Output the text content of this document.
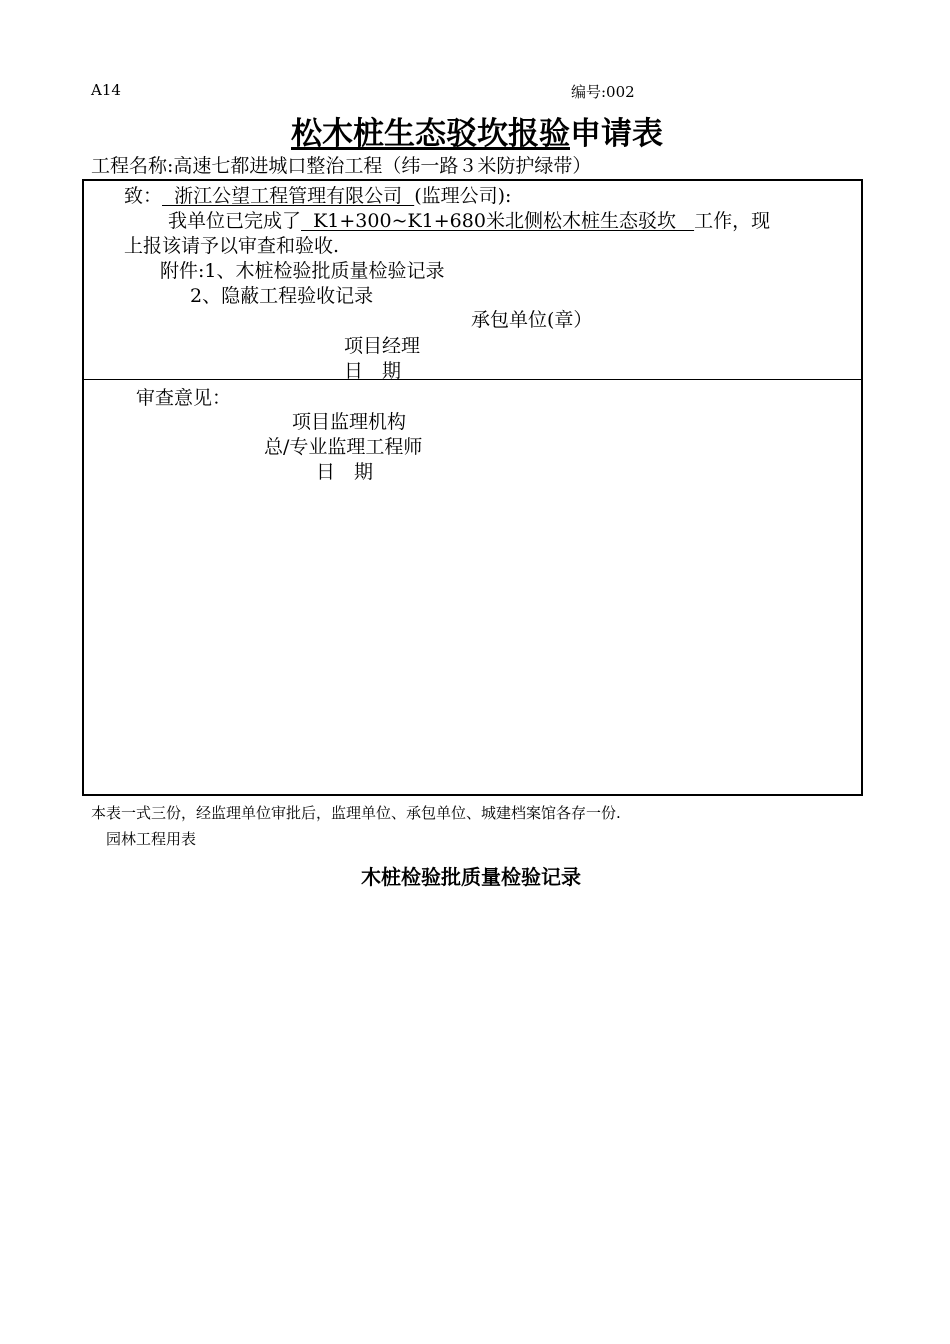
A14	编号:002
松木桩生态驳坎报验申请表
工程名称:高速七都进城口整治工程（纬一路３米防护绿带）
致：  浙江公望工程管理有限公司  (监理公司):
我单位已完成了  K1+300~K1+680米北侧松木桩生态驳坎   工作，现
上报该请予以审查和验收.
附件:1、木桩检验批质量检验记录
2、隐蔽工程验收记录
承包单位(章）
项目经理
日　期
审查意见：
项目监理机构
总/专业监理工程师
日　期
本表一式三份，经监理单位审批后，监理单位、承包单位、城建档案馆各存一份.
园林工程用表
木桩检验批质量检验记录
